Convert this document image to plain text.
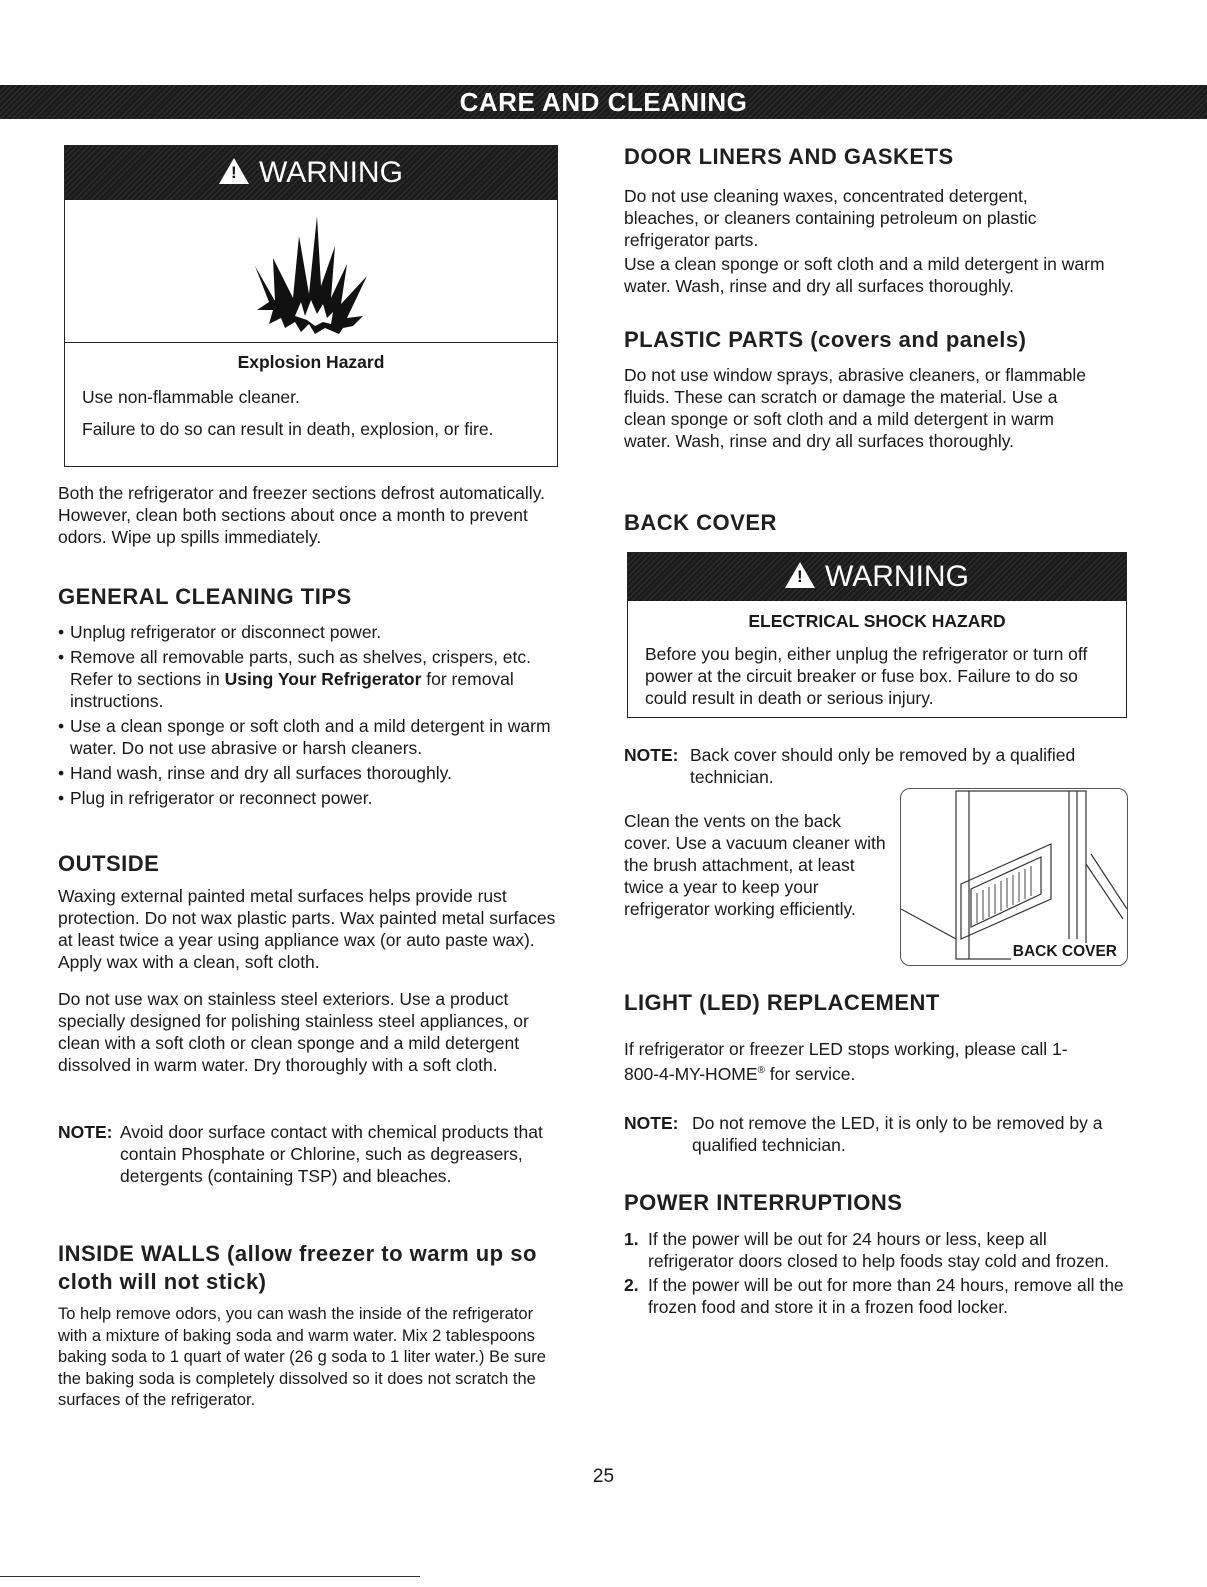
CARE AND CLEANING
! WARNING

Explosion Hazard

Use non-flammable cleaner.

Failure to do so can result in death, explosion, or fire.

Both the refrigerator and freezer sections defrost automatically. However, clean both sections about once a month to prevent odors. Wipe up spills immediately.

GENERAL CLEANING TIPS
• Unplug refrigerator or disconnect power.
• Remove all removable parts, such as shelves, crispers, etc. Refer to sections in Using Your Refrigerator for removal instructions.
• Use a clean sponge or soft cloth and a mild detergent in warm water. Do not use abrasive or harsh cleaners.
• Hand wash, rinse and dry all surfaces thoroughly.
• Plug in refrigerator or reconnect power.
OUTSIDE

Waxing external painted metal surfaces helps provide rust protection. Do not wax plastic parts. Wax painted metal surfaces at least twice a year using appliance wax (or auto paste wax). Apply wax with a clean, soft cloth.

Do not use wax on stainless steel exteriors. Use a product specially designed for polishing stainless steel appliances, or clean with a soft cloth or clean sponge and a mild detergent dissolved in warm water. Dry thoroughly with a soft cloth.

NOTE: Avoid door surface contact with chemical products that contain Phosphate or Chlorine, such as degreasers, detergents (containing TSP) and bleaches.
INSIDE WALLS (allow freezer to warm up so cloth will not stick)

To help remove odors, you can wash the inside of the refrigerator with a mixture of baking soda and warm water. Mix 2 tablespoons baking soda to 1 quart of water (26 g soda to 1 liter water.) Be sure the baking soda is completely dissolved so it does not scratch the surfaces of the refrigerator.

DOOR LINERS AND GASKETS

Do not use cleaning waxes, concentrated detergent, bleaches, or cleaners containing petroleum on plastic refrigerator parts.

Use a clean sponge or soft cloth and a mild detergent in warm water. Wash, rinse and dry all surfaces thoroughly.

PLASTIC PARTS (covers and panels)

Do not use window sprays, abrasive cleaners, or flammable fluids. These can scratch or damage the material. Use a clean sponge or soft cloth and a mild detergent in warm water. Wash, rinse and dry all surfaces thoroughly.

BACK COVER
! WARNING

ELECTRICAL SHOCK HAZARD

Before you begin, either unplug the refrigerator or turn off power at the circuit breaker or fuse box. Failure to do so could result in death or serious injury.

NOTE: Back cover should only be removed by a qualified technician.

Clean the vents on the back cover. Use a vacuum cleaner with the brush attachment, at least twice a year to keep your refrigerator working efficiently.

BACK COVER
LIGHT (LED) REPLACEMENT

If refrigerator or freezer LED stops working, please call 1-800-4-MY-HOME® for service.

NOTE: Do not remove the LED, it is only to be removed by a qualified technician.
POWER INTERRUPTIONS
1. If the power will be out for 24 hours or less, keep all refrigerator doors closed to help foods stay cold and frozen.
2. If the power will be out for more than 24 hours, remove all the frozen food and store it in a frozen food locker.
25
